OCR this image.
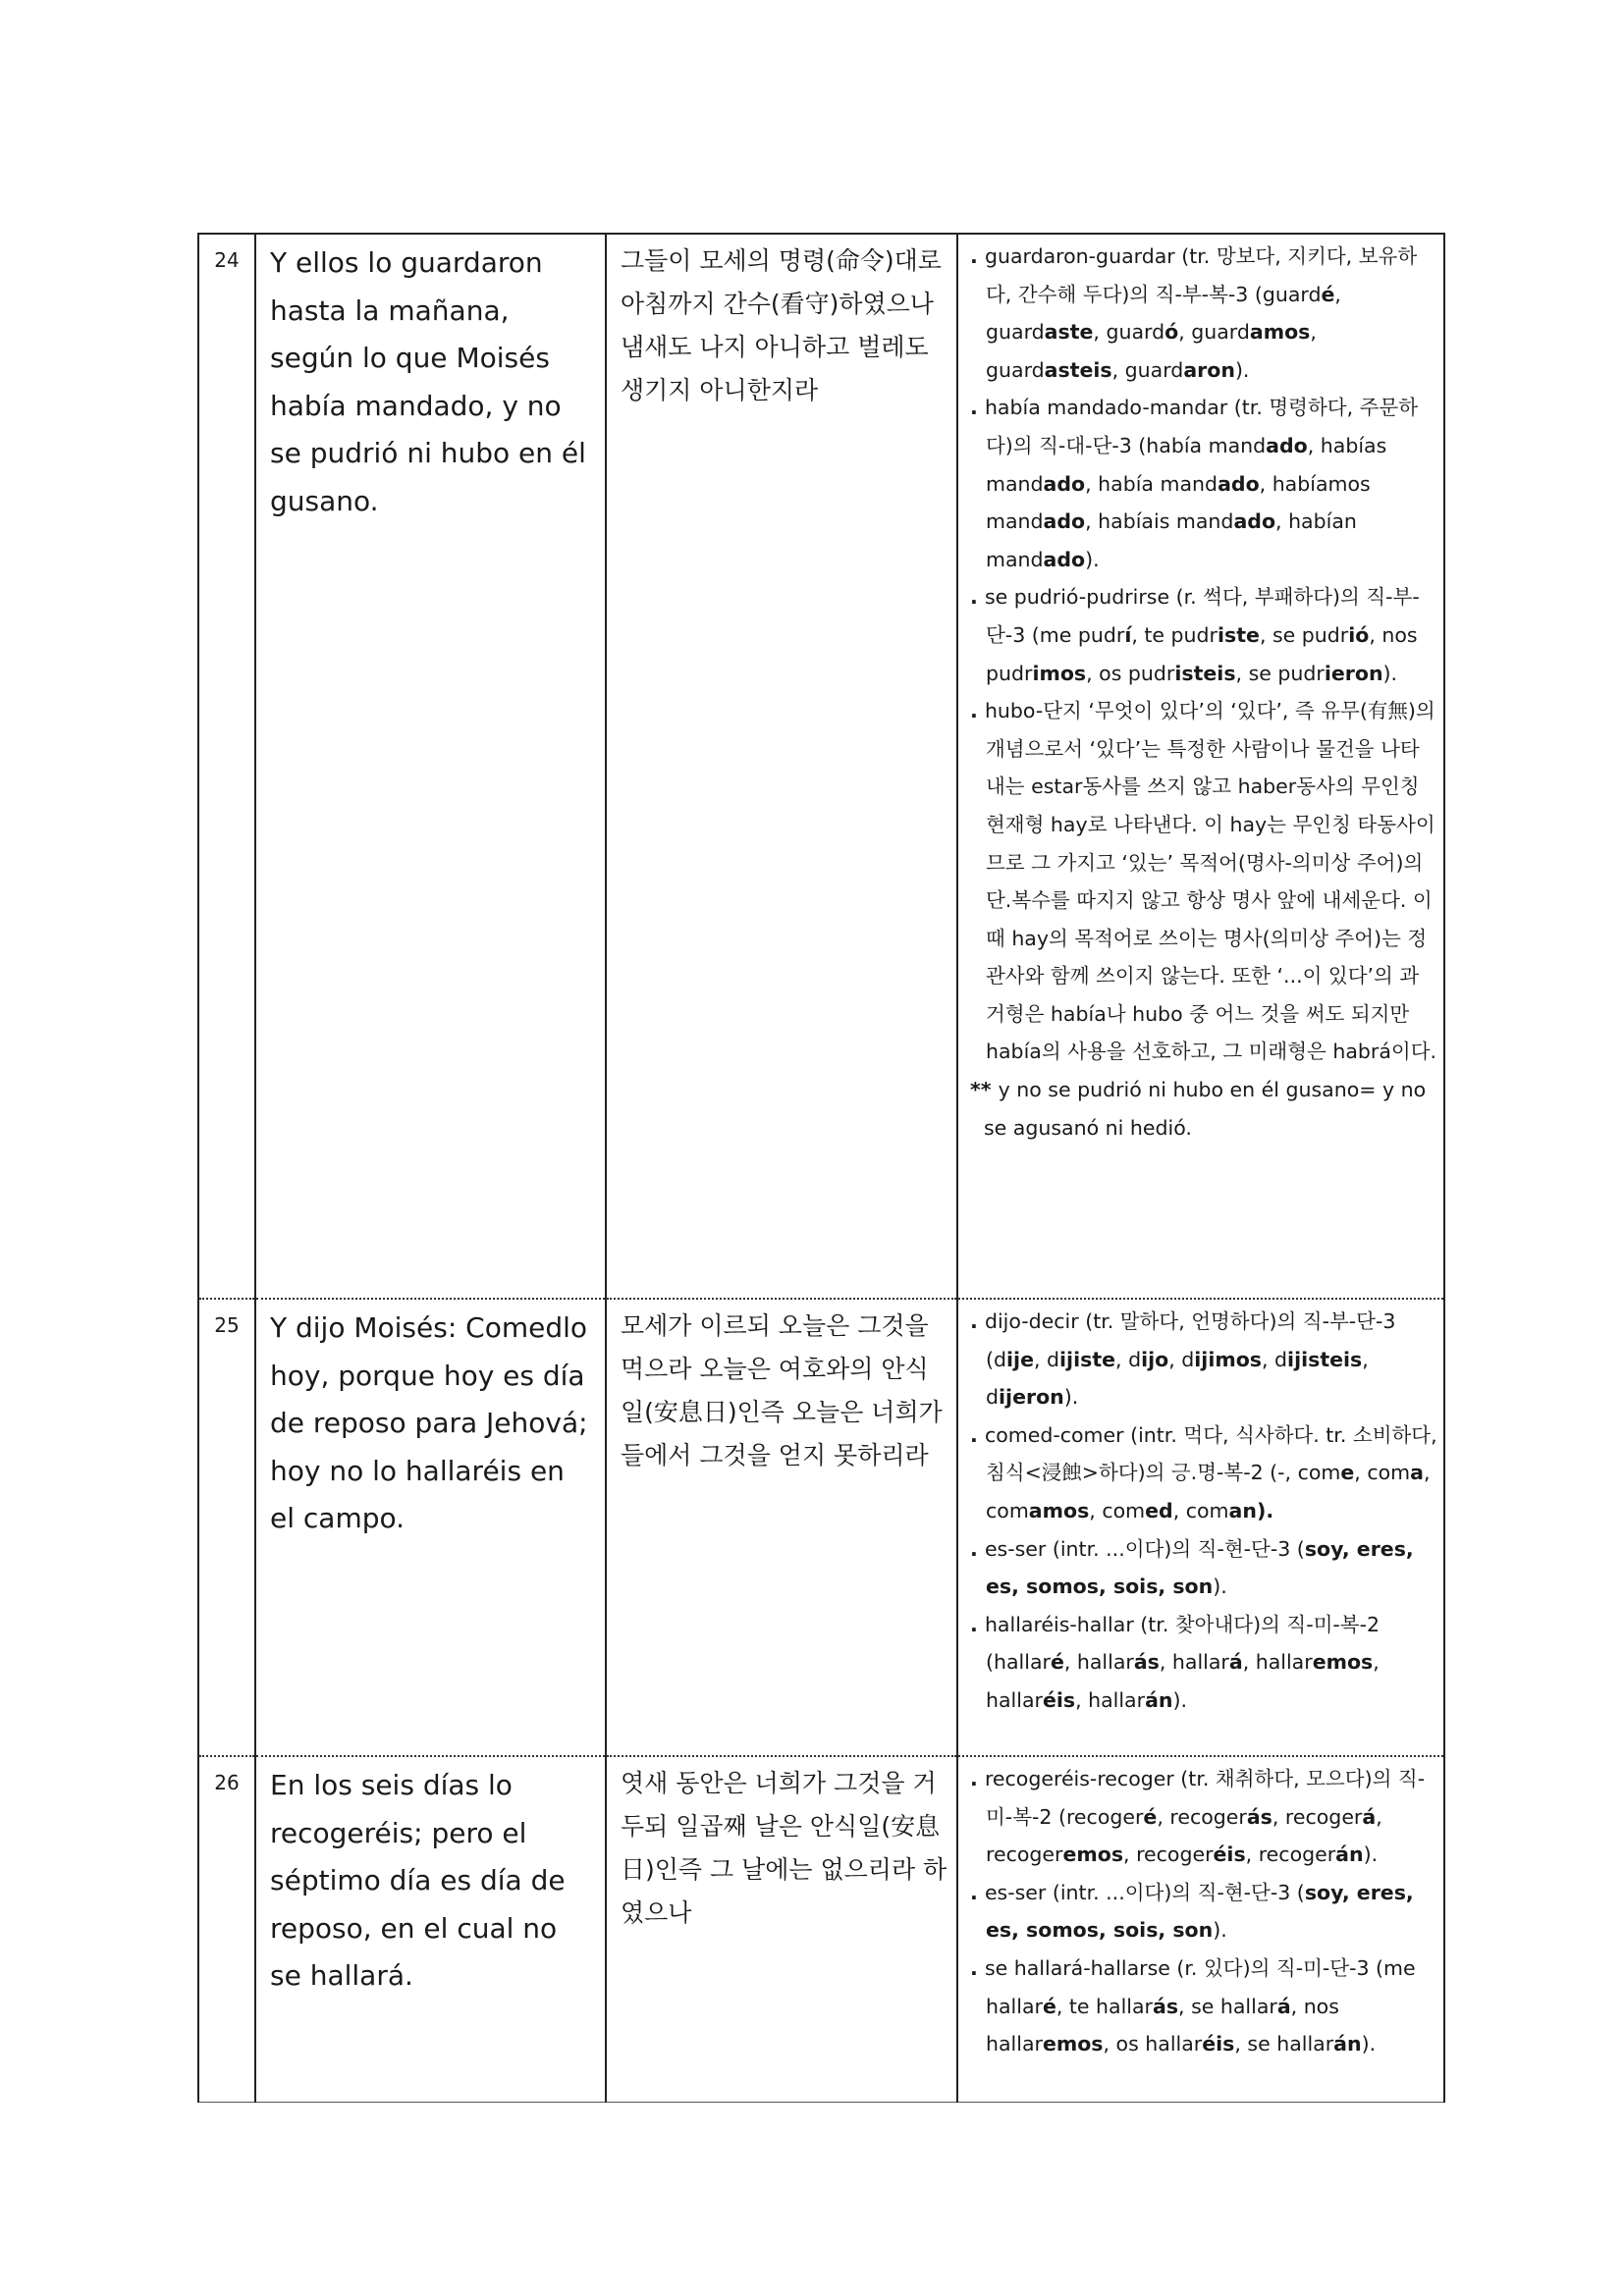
24	Y ellos lo guardaron hasta la mañana, según lo que Moisés había mandado, y no se pudrió ni hubo en él gusano.	그들이 모세의 명령(命令)대로 아침까지 간수(看守)하였으나 냄새도 나지 아니하고 벌레도 생기지 아니한지라	. guardaron-guardar (tr. 망보다, 지키다, 보유하다, 간수해 두다)의 직-부-복-3 (guardé, guardaste, guardó, guardamos, guardasteis, guardaron).
. había mandado-mandar (tr. 명령하다, 주문하다)의 직-대-단-3 (había mandado, habías mandado, había mandado, habíamos mandado, habíais mandado, habían mandado).
. se pudrió-pudrirse (r. 썩다, 부패하다)의 직-부-단-3 (me pudrí, te pudriste, se pudrió, nos pudrimos, os pudristeis, se pudrieron).
. hubo-단지 ‘무엇이 있다’의 ‘있다’, 즉 유무(有無)의 개념으로서 ‘있다’는 특정한 사람이나 물건을 나타내는 estar동사를 쓰지 않고 haber동사의 무인칭 현재형 hay로 나타낸다. 이 hay는 무인칭 타동사이므로 그 가지고 ‘있는’ 목적어(명사-의미상 주어)의 단.복수를 따지지 않고 항상 명사 앞에 내세운다. 이 때 hay의 목적어로 쓰이는 명사(의미상 주어)는 정관사와 함께 쓰이지 않는다. 또한 ‘...이 있다’의 과거형은 había나 hubo 중 어느 것을 써도 되지만 había의 사용을 선호하고, 그 미래형은 habrá이다.
** y no se pudrió ni hubo en él gusano= y no se agusanó ni hedió.

25	Y dijo Moisés: Comedlo hoy, porque hoy es día de reposo para Jehová; hoy no lo hallaréis en el campo.	모세가 이르되 오늘은 그것을 먹으라 오늘은 여호와의 안식일(安息日)인즉 오늘은 너희가 들에서 그것을 얻지 못하리라	. dijo-decir (tr. 말하다, 언명하다)의 직-부-단-3 (dije, dijiste, dijo, dijimos, dijisteis, dijeron).
. comed-comer (intr. 먹다, 식사하다. tr. 소비하다, 침식<浸蝕>하다)의 긍.명-복-2 (-, come, coma, comamos, comed, coman).
. es-ser (intr. ...이다)의 직-현-단-3 (soy, eres, es, somos, sois, son).
. hallaréis-hallar (tr. 찾아내다)의 직-미-복-2 (hallaré, hallarás, hallará, hallaremos, hallaréis, hallarán).

26	En los seis días lo recogeréis; pero el séptimo día es día de reposo, en el cual no se hallará.	엿새 동안은 너희가 그것을 거두되 일곱째 날은 안식일(安息日)인즉 그 날에는 없으리라 하였으나	. recogeréis-recoger (tr. 채취하다, 모으다)의 직-미-복-2 (recogeré, recogerás, recogerá, recogeremos, recogeréis, recogerán).
. es-ser (intr. ...이다)의 직-현-단-3 (soy, eres, es, somos, sois, son).
. se hallará-hallarse (r. 있다)의 직-미-단-3 (me hallaré, te hallarás, se hallará, nos hallaremos, os hallaréis, se hallarán).
